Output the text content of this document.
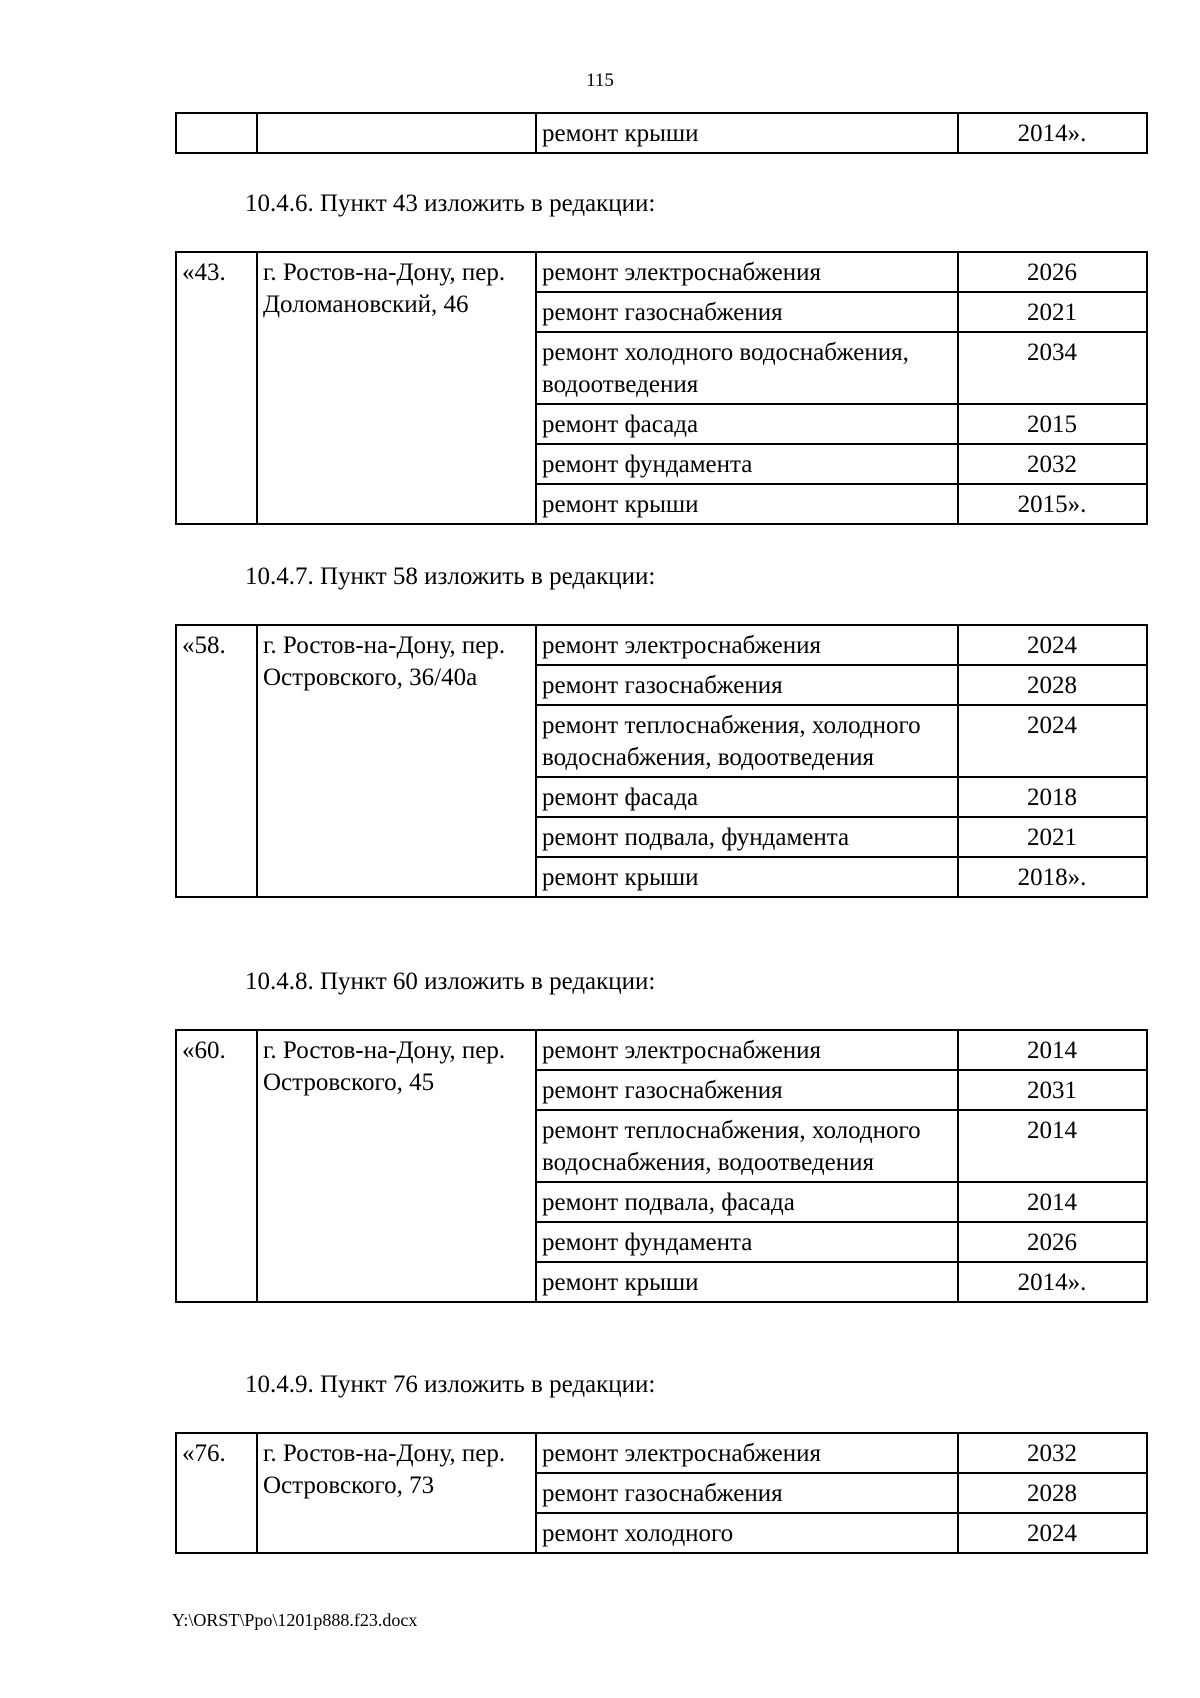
115
		ремонт крыши	2014».

10.4.6. Пункт 43 изложить в редакции:

«43.	г. Ростов-на-Дону, пер. Доломановский, 46	ремонт электроснабжения	2026
		ремонт газоснабжения	2021
		ремонт холодного водоснабжения, водоотведения	2034
		ремонт фасада	2015
		ремонт фундамента	2032
		ремонт крыши	2015».

10.4.7. Пункт 58 изложить в редакции:

«58.	г. Ростов-на-Дону, пер. Островского, 36/40а	ремонт электроснабжения	2024
		ремонт газоснабжения	2028
		ремонт теплоснабжения, холодного водоснабжения, водоотведения	2024
		ремонт фасада	2018
		ремонт подвала, фундамента	2021
		ремонт крыши	2018».

10.4.8. Пункт 60 изложить в редакции:

«60.	г. Ростов-на-Дону, пер. Островского, 45	ремонт электроснабжения	2014
		ремонт газоснабжения	2031
		ремонт теплоснабжения, холодного водоснабжения, водоотведения	2014
		ремонт подвала, фасада	2014
		ремонт фундамента	2026
		ремонт крыши	2014».

10.4.9. Пункт 76 изложить в редакции:

«76.	г. Ростов-на-Дону, пер. Островского, 73	ремонт электроснабжения	2032
		ремонт газоснабжения	2028
		ремонт холодного	2024
Y:\ORST\Ppo\1201p888.f23.docx
